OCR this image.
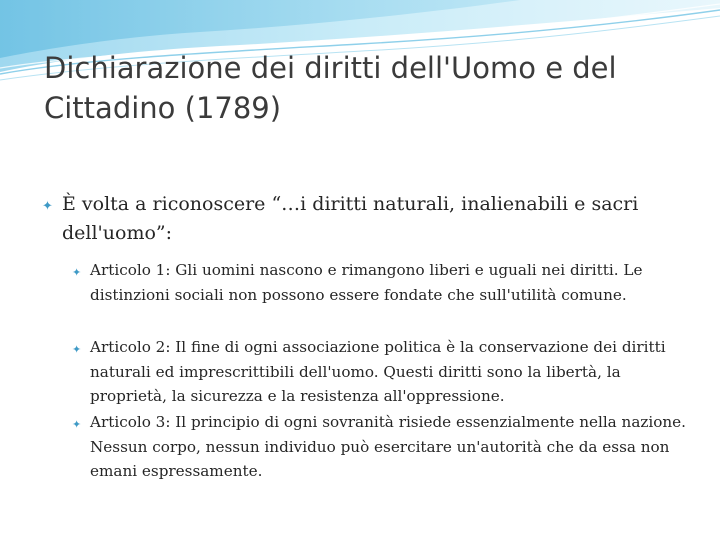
Dichiarazione dei diritti dell'Uomo e del Cittadino (1789)
✦ È volta a riconoscere “…i diritti naturali, inalienabili e sacri dell'uomo”:
✦ Articolo 1: Gli uomini nascono e rimangono liberi e uguali nei diritti. Le distinzioni sociali non possono essere fondate che sull'utilità comune.
✦ Articolo 2: Il fine di ogni associazione politica è la conservazione dei diritti naturali ed imprescrittibili dell'uomo. Questi diritti sono la libertà, la proprietà, la sicurezza e la resistenza all'oppressione.
✦ Articolo 3: Il principio di ogni sovranità risiede essenzialmente nella nazione. Nessun corpo, nessun individuo può esercitare un'autorità che da essa non emani espressamente.
